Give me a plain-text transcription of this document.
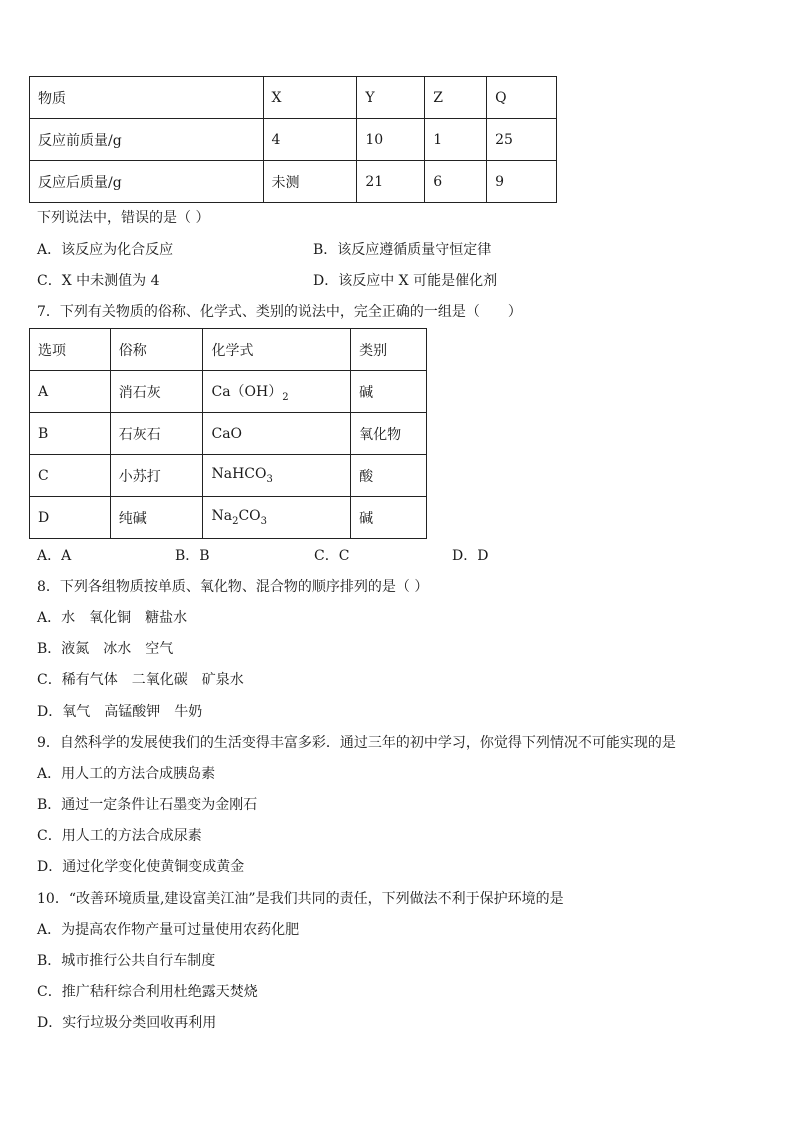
物质	X	Y	Z	Q
反应前质量/g	4	10	1	25
反应后质量/g	未测	21	6	9
下列说法中，错误的是（ ）
A．该反应为化合反应	B．该反应遵循质量守恒定律
C．X 中未测值为 4	D．该反应中 X 可能是催化剂
7．下列有关物质的俗称、化学式、类别的说法中，完全正确的一组是（　　）
选项	俗称	化学式	类别
A	消石灰	$Ca(OH)_2$	碱
B	石灰石	CaO	氧化物
C	小苏打	NaHCO$_3$	酸
D	纯碱	$Na_2CO_3$	碱
A．A	B．B	C．C	D．D
8．下列各组物质按单质、氧化物、混合物的顺序排列的是（ ）
A．水　氧化铜　糖盐水
B．液氮　冰水　空气
C．稀有气体　二氧化碳　矿泉水
D．氧气　高锰酸钾　牛奶
9．自然科学的发展使我们的生活变得丰富多彩．通过三年的初中学习，你觉得下列情况不可能实现的是
A．用人工的方法合成胰岛素
B．通过一定条件让石墨变为金刚石
C．用人工的方法合成尿素
D．通过化学变化使黄铜变成黄金
10．“改善环境质量,建设富美江油”是我们共同的责任，下列做法不利于保护环境的是
A．为提高农作物产量可过量使用农药化肥
B．城市推行公共自行车制度
C．推广秸秆综合利用杜绝露天焚烧
D．实行垃圾分类回收再利用
